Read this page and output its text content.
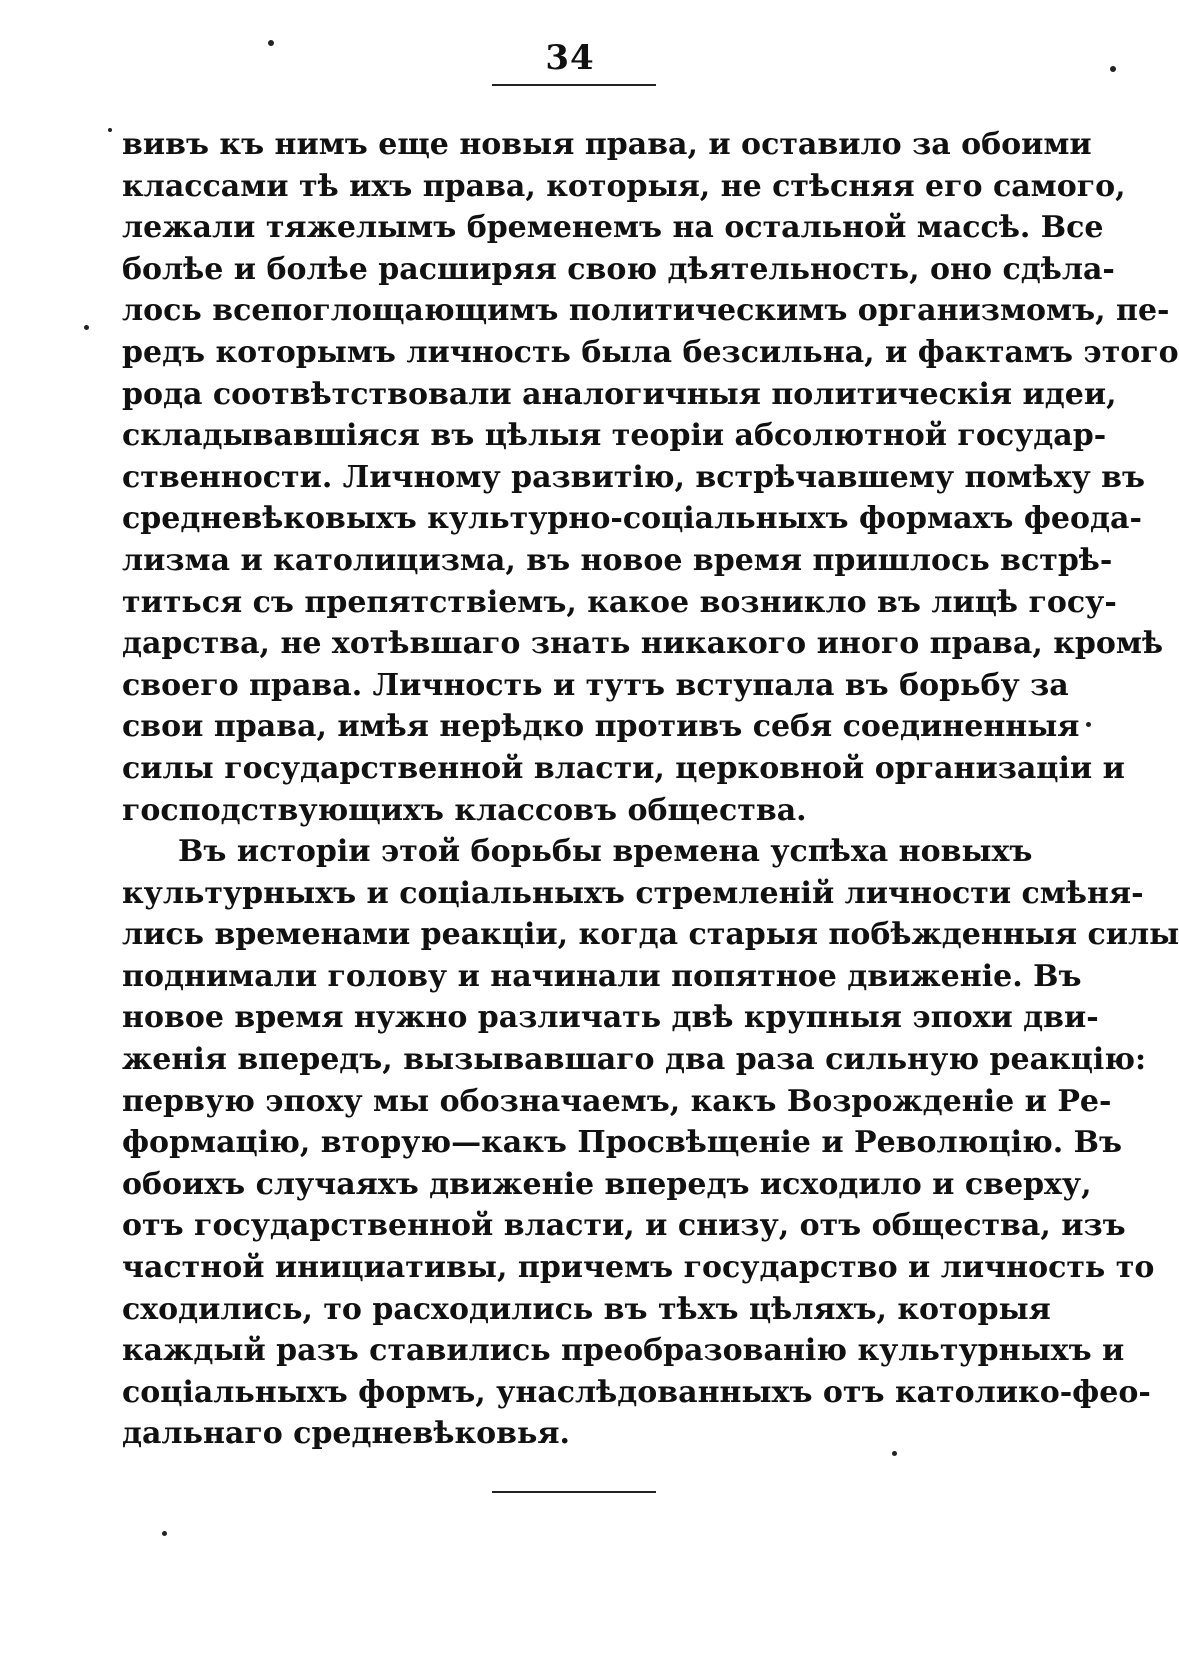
34
вивъ къ нимъ еще новыя права, и оставило за обоими
классами тѣ ихъ права, которыя, не стѣсняя его самого,
лежали тяжелымъ бременемъ на остальной массѣ. Все
болѣе и болѣе расширяя свою дѣятельность, оно сдѣла-
лось всепоглощающимъ политическимъ организмомъ, пе-
редъ которымъ личность была безсильна, и фактамъ этого
рода соотвѣтствовали аналогичныя политическія идеи,
складывавшіяся въ цѣлыя теоріи абсолютной государ-
ственности. Личному развитію, встрѣчавшему помѣху въ
средневѣковыхъ культурно-соціальныхъ формахъ феода-
лизма и католицизма, въ новое время пришлось встрѣ-
титься съ препятствіемъ, какое возникло въ лицѣ госу-
дарства, не хотѣвшаго знать никакого иного права, кромѣ
своего права. Личность и тутъ вступала въ борьбу за
свои права, имѣя нерѣдко противъ себя соединенныя
силы государственной власти, церковной организаціи и
господствующихъ классовъ общества.
Въ исторіи этой борьбы времена успѣха новыхъ
культурныхъ и соціальныхъ стремленій личности смѣня-
лись временами реакціи, когда старыя побѣжденныя силы
поднимали голову и начинали попятное движеніе. Въ
новое время нужно различать двѣ крупныя эпохи дви-
женія впередъ, вызывавшаго два раза сильную реакцію:
первую эпоху мы обозначаемъ, какъ Возрожденіе и Ре-
формацію, вторую—какъ Просвѣщеніе и Революцію. Въ
обоихъ случаяхъ движеніе впередъ исходило и сверху,
отъ государственной власти, и снизу, отъ общества, изъ
частной инициативы, причемъ государство и личность то
сходились, то расходились въ тѣхъ цѣляхъ, которыя
каждый разъ ставились преобразованію культурныхъ и
соціальныхъ формъ, унаслѣдованныхъ отъ католико-фео-
дальнаго средневѣковья.
